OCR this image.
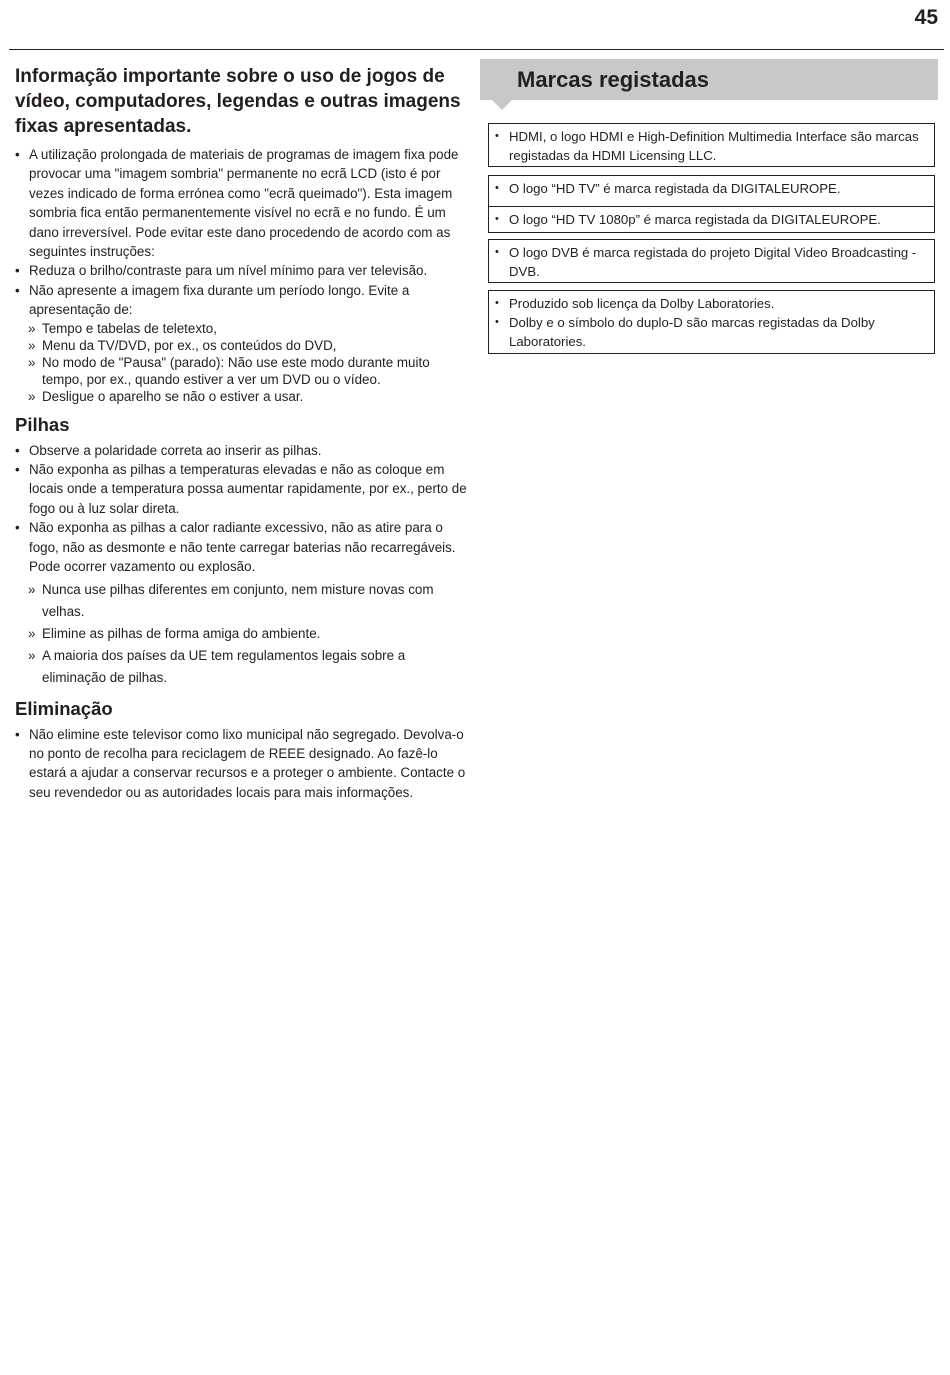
45
Informação importante sobre o uso de jogos de vídeo, computadores, legendas e outras imagens fixas apresentadas.
• A utilização prolongada de materiais de programas de imagem fixa pode provocar uma "imagem sombria" permanente no ecrã LCD (isto é por vezes indicado de forma errónea como "ecrã queimado"). Esta imagem sombria fica então permanentemente visível no ecrã e no fundo. É um dano irreversível. Pode evitar este dano procedendo de acordo com as seguintes instruções:
• Reduza o brilho/contraste para um nível mínimo para ver televisão.
• Não apresente a imagem fixa durante um período longo. Evite a apresentação de:
» Tempo e tabelas de teletexto,
» Menu da TV/DVD, por ex., os conteúdos do DVD,
» No modo de "Pausa" (parado): Não use este modo durante muito tempo, por ex., quando estiver a ver um DVD ou o vídeo.
» Desligue o aparelho se não o estiver a usar.
Pilhas
• Observe a polaridade correta ao inserir as pilhas.
• Não exponha as pilhas a temperaturas elevadas e não as coloque em locais onde a temperatura possa aumentar rapidamente, por ex., perto de fogo ou à luz solar direta.
• Não exponha as pilhas a calor radiante excessivo, não as atire para o fogo, não as desmonte e não tente carregar baterias não recarregáveis. Pode ocorrer vazamento ou explosão.
» Nunca use pilhas diferentes em conjunto, nem misture novas com velhas.
» Elimine as pilhas de forma amiga do ambiente.
» A maioria dos países da UE tem regulamentos legais sobre a eliminação de pilhas.
Eliminação
• Não elimine este televisor como lixo municipal não segregado. Devolva-o no ponto de recolha para reciclagem de REEE designado. Ao fazê-lo estará a ajudar a conservar recursos e a proteger o ambiente. Contacte o seu revendedor ou as autoridades locais para mais informações.
Marcas registadas
• HDMI, o logo HDMI e High-Definition Multimedia Interface são marcas registadas da HDMI Licensing LLC.
• O logo “HD TV” é marca registada da DIGITALEUROPE.
• O logo “HD TV 1080p” é marca registada da DIGITALEUROPE.
• O logo DVB é marca registada do projeto Digital Video Broadcasting - DVB.
• Produzido sob licença da Dolby Laboratories.
• Dolby e o símbolo do duplo-D são marcas registadas da Dolby Laboratories.
